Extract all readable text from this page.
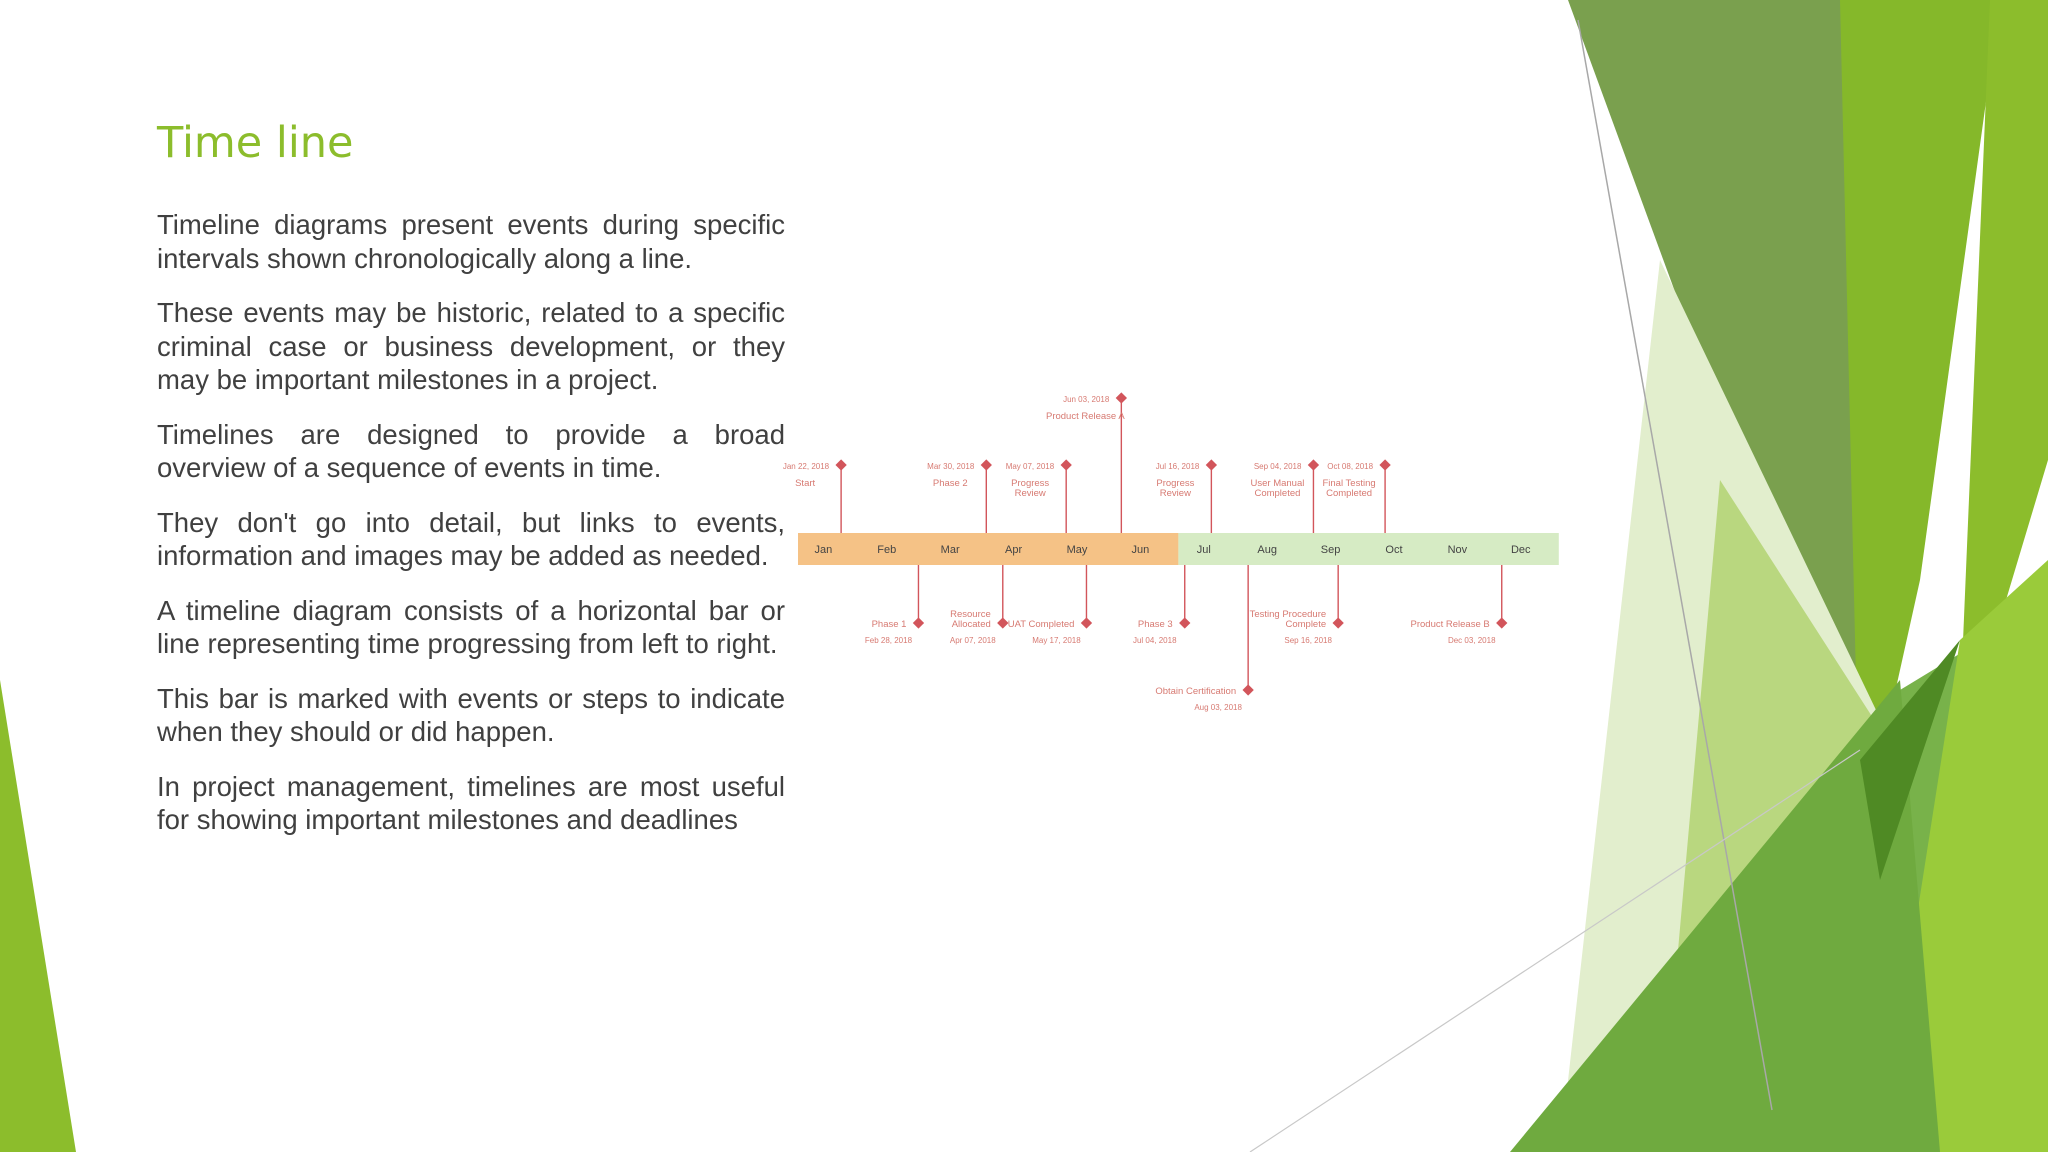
Time line

Timeline diagrams present events during specific intervals shown chronologically along a line.

These events may be historic, related to a specific criminal case or business development, or they may be important milestones in a project.

Timelines are designed to provide a broad overview of a sequence of events in time.

They don't go into detail, but links to events, information and images may be added as needed.

A timeline diagram consists of a horizontal bar or line representing time progressing from left to right.

This bar is marked with events or steps to indicate when they should or did happen.

In project management, timelines are most useful for showing important milestones and deadlines

Jan	Feb	Mar	Apr	May	Jun	Jul	Aug	Sep	Oct	Nov	Dec
Jan 22, 2018
Start
Mar 30, 2018
Phase 2
May 07, 2018
Progress
Review
Jun 03, 2018
Product Release A
Jul 16, 2018
Progress
Review
Sep 04, 2018
User Manual
Completed
Oct 08, 2018
Final Testing
Completed
Phase 1
Feb 28, 2018
Resource
Allocated
Apr 07, 2018
UAT Completed
May 17, 2018
Phase 3
Jul 04, 2018
Obtain Certification
Aug 03, 2018
Testing Procedure
Complete
Sep 16, 2018
Product Release B
Dec 03, 2018
